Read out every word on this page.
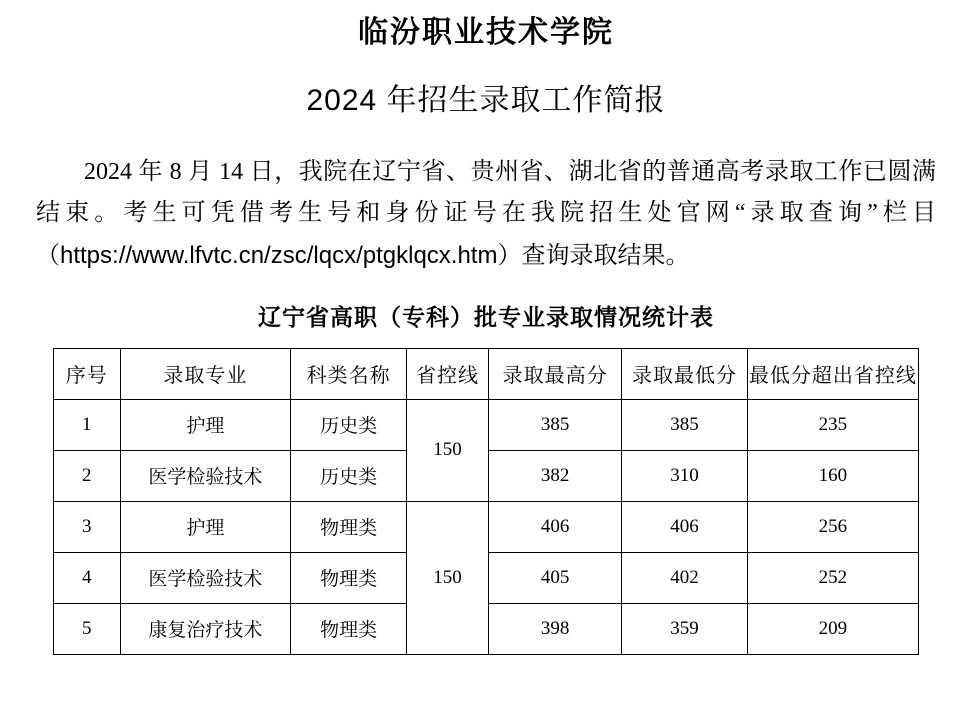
临汾职业技术学院
2024 年招生录取工作简报
2024 年 8 月 14 日，我院在辽宁省、贵州省、湖北省的普通高考录取工作已圆满结束。考生可凭借考生号和身份证号在我院招生处官网“录取查询”栏目（https://www.lfvtc.cn/zsc/lqcx/ptgklqcx.htm）查询录取结果。
辽宁省高职（专科）批专业录取情况统计表
序号	录取专业	科类名称	省控线	录取最高分	录取最低分	最低分超出省控线
1	护理	历史类	150	385	385	235
2	医学检验技术	历史类		382	310	160
3	护理	物理类	150	406	406	256
4	医学检验技术	物理类		405	402	252
5	康复治疗技术	物理类		398	359	209
